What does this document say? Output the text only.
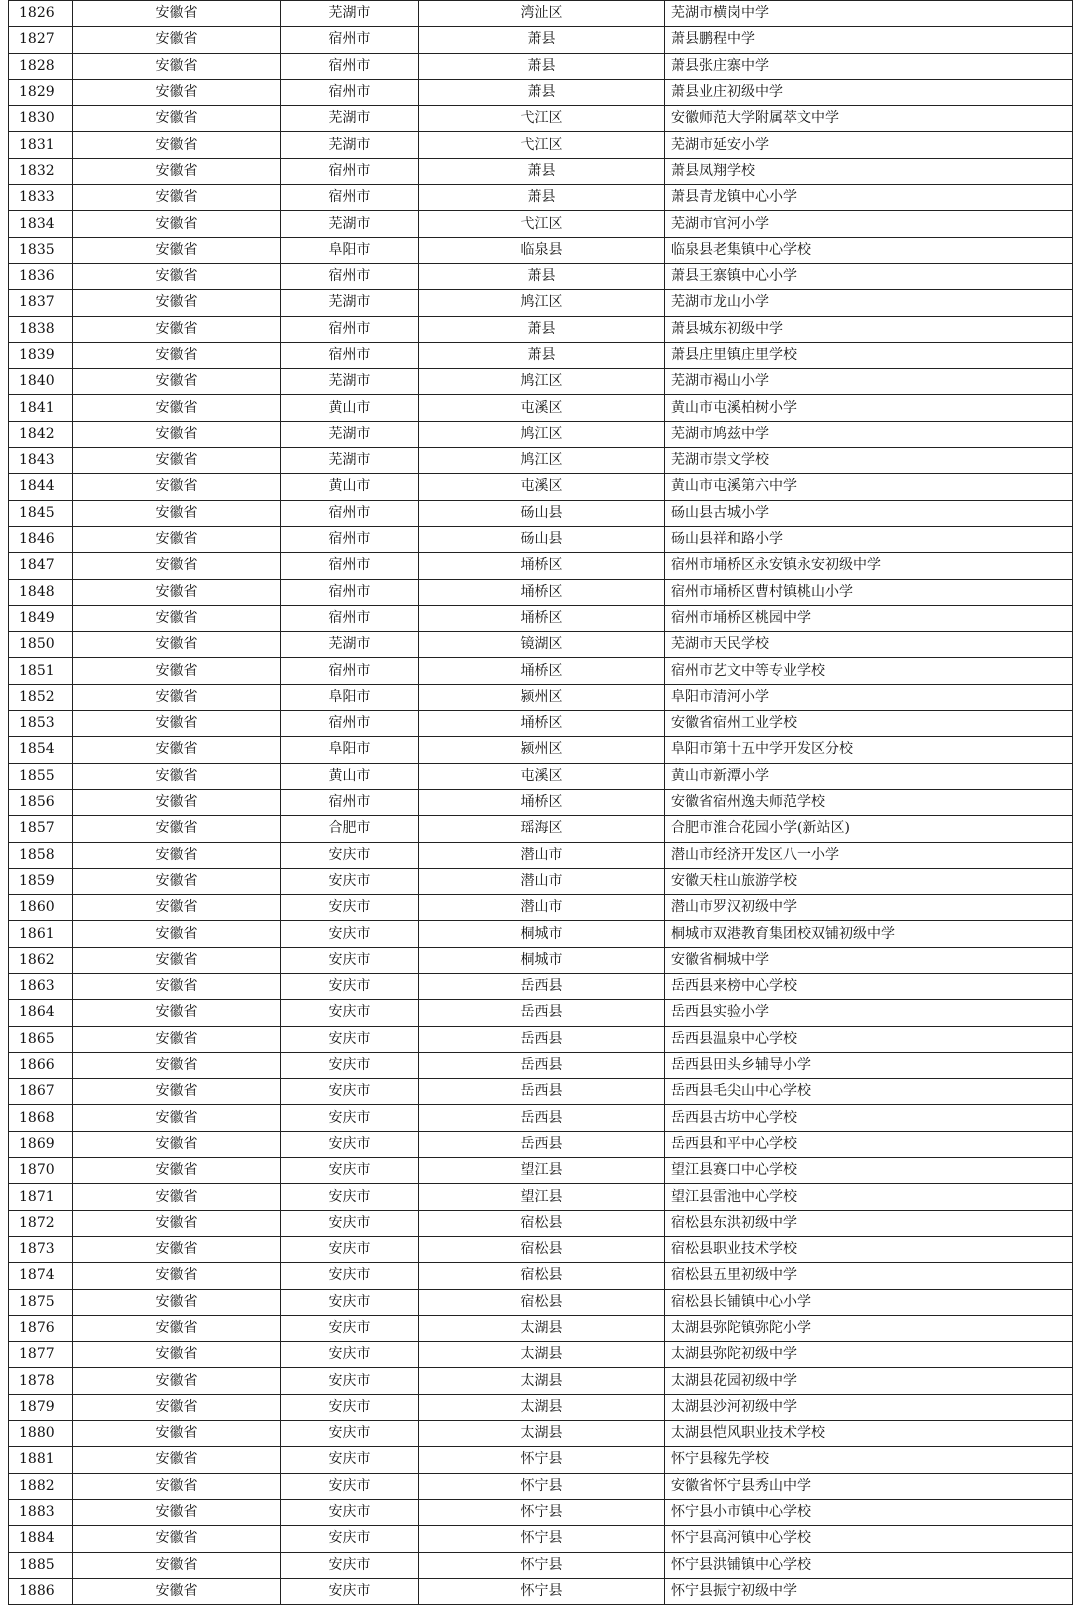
1826	安徽省	芜湖市	湾沚区	芜湖市横岗中学
1827	安徽省	宿州市	萧县	萧县鹏程中学
1828	安徽省	宿州市	萧县	萧县张庄寨中学
1829	安徽省	宿州市	萧县	萧县业庄初级中学
1830	安徽省	芜湖市	弋江区	安徽师范大学附属萃文中学
1831	安徽省	芜湖市	弋江区	芜湖市延安小学
1832	安徽省	宿州市	萧县	萧县凤翔学校
1833	安徽省	宿州市	萧县	萧县青龙镇中心小学
1834	安徽省	芜湖市	弋江区	芜湖市官河小学
1835	安徽省	阜阳市	临泉县	临泉县老集镇中心学校
1836	安徽省	宿州市	萧县	萧县王寨镇中心小学
1837	安徽省	芜湖市	鸠江区	芜湖市龙山小学
1838	安徽省	宿州市	萧县	萧县城东初级中学
1839	安徽省	宿州市	萧县	萧县庄里镇庄里学校
1840	安徽省	芜湖市	鸠江区	芜湖市褐山小学
1841	安徽省	黄山市	屯溪区	黄山市屯溪柏树小学
1842	安徽省	芜湖市	鸠江区	芜湖市鸠兹中学
1843	安徽省	芜湖市	鸠江区	芜湖市崇文学校
1844	安徽省	黄山市	屯溪区	黄山市屯溪第六中学
1845	安徽省	宿州市	砀山县	砀山县古城小学
1846	安徽省	宿州市	砀山县	砀山县祥和路小学
1847	安徽省	宿州市	埇桥区	宿州市埇桥区永安镇永安初级中学
1848	安徽省	宿州市	埇桥区	宿州市埇桥区曹村镇桃山小学
1849	安徽省	宿州市	埇桥区	宿州市埇桥区桃园中学
1850	安徽省	芜湖市	镜湖区	芜湖市天民学校
1851	安徽省	宿州市	埇桥区	宿州市艺文中等专业学校
1852	安徽省	阜阳市	颍州区	阜阳市清河小学
1853	安徽省	宿州市	埇桥区	安徽省宿州工业学校
1854	安徽省	阜阳市	颍州区	阜阳市第十五中学开发区分校
1855	安徽省	黄山市	屯溪区	黄山市新潭小学
1856	安徽省	宿州市	埇桥区	安徽省宿州逸夫师范学校
1857	安徽省	合肥市	瑶海区	合肥市淮合花园小学(新站区)
1858	安徽省	安庆市	潜山市	潜山市经济开发区八一小学
1859	安徽省	安庆市	潜山市	安徽天柱山旅游学校
1860	安徽省	安庆市	潜山市	潜山市罗汉初级中学
1861	安徽省	安庆市	桐城市	桐城市双港教育集团校双铺初级中学
1862	安徽省	安庆市	桐城市	安徽省桐城中学
1863	安徽省	安庆市	岳西县	岳西县来榜中心学校
1864	安徽省	安庆市	岳西县	岳西县实验小学
1865	安徽省	安庆市	岳西县	岳西县温泉中心学校
1866	安徽省	安庆市	岳西县	岳西县田头乡辅导小学
1867	安徽省	安庆市	岳西县	岳西县毛尖山中心学校
1868	安徽省	安庆市	岳西县	岳西县古坊中心学校
1869	安徽省	安庆市	岳西县	岳西县和平中心学校
1870	安徽省	安庆市	望江县	望江县赛口中心学校
1871	安徽省	安庆市	望江县	望江县雷池中心学校
1872	安徽省	安庆市	宿松县	宿松县东洪初级中学
1873	安徽省	安庆市	宿松县	宿松县职业技术学校
1874	安徽省	安庆市	宿松县	宿松县五里初级中学
1875	安徽省	安庆市	宿松县	宿松县长铺镇中心小学
1876	安徽省	安庆市	太湖县	太湖县弥陀镇弥陀小学
1877	安徽省	安庆市	太湖县	太湖县弥陀初级中学
1878	安徽省	安庆市	太湖县	太湖县花园初级中学
1879	安徽省	安庆市	太湖县	太湖县沙河初级中学
1880	安徽省	安庆市	太湖县	太湖县恺风职业技术学校
1881	安徽省	安庆市	怀宁县	怀宁县稼先学校
1882	安徽省	安庆市	怀宁县	安徽省怀宁县秀山中学
1883	安徽省	安庆市	怀宁县	怀宁县小市镇中心学校
1884	安徽省	安庆市	怀宁县	怀宁县高河镇中心学校
1885	安徽省	安庆市	怀宁县	怀宁县洪铺镇中心学校
1886	安徽省	安庆市	怀宁县	怀宁县振宁初级中学
